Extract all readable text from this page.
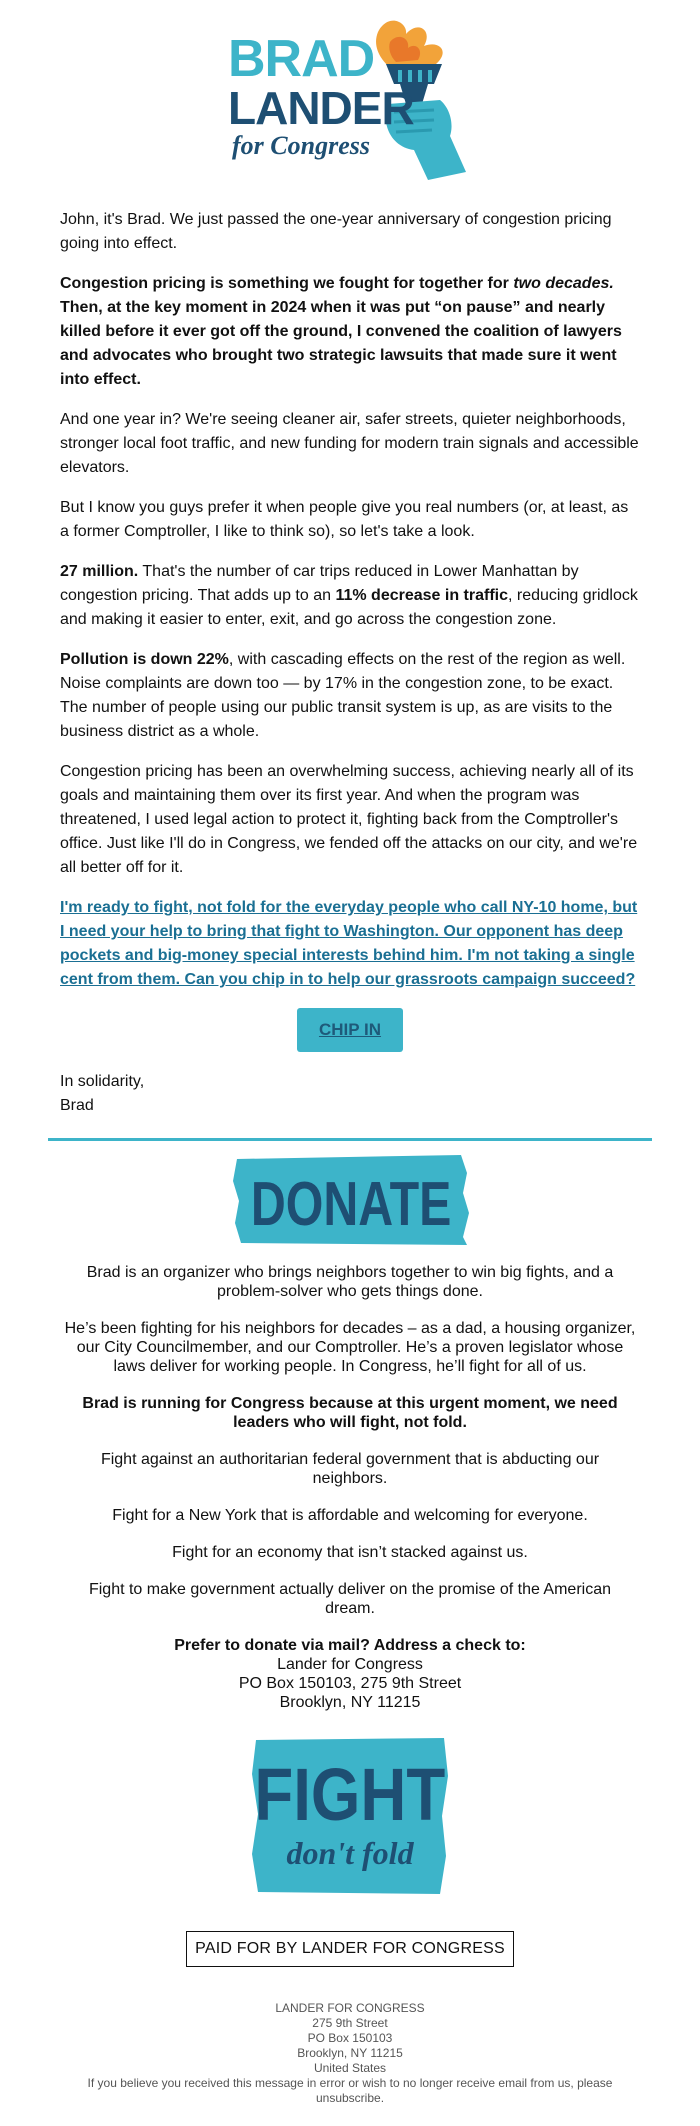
BRAD
LANDER
for Congress

John, it's Brad. We just passed the one-year anniversary of congestion pricing going into effect.

Congestion pricing is something we fought for together for two decades. Then, at the key moment in 2024 when it was put “on pause” and nearly killed before it ever got off the ground, I convened the coalition of lawyers and advocates who brought two strategic lawsuits that made sure it went into effect.

And one year in? We're seeing cleaner air, safer streets, quieter neighborhoods, stronger local foot traffic, and new funding for modern train signals and accessible elevators.

But I know you guys prefer it when people give you real numbers (or, at least, as a former Comptroller, I like to think so), so let's take a look.

27 million. That's the number of car trips reduced in Lower Manhattan by congestion pricing. That adds up to an 11% decrease in traffic, reducing gridlock and making it easier to enter, exit, and go across the congestion zone.

Pollution is down 22%, with cascading effects on the rest of the region as well. Noise complaints are down too — by 17% in the congestion zone, to be exact. The number of people using our public transit system is up, as are visits to the business district as a whole.

Congestion pricing has been an overwhelming success, achieving nearly all of its goals and maintaining them over its first year. And when the program was threatened, I used legal action to protect it, fighting back from the Comptroller's office. Just like I'll do in Congress, we fended off the attacks on our city, and we're all better off for it.

I'm ready to fight, not fold for the everyday people who call NY-10 home, but I need your help to bring that fight to Washington. Our opponent has deep pockets and big-money special interests behind him. I'm not taking a single cent from them. Can you chip in to help our grassroots campaign succeed?

CHIP IN
In solidarity,
Brad
DONATE

Brad is an organizer who brings neighbors together to win big fights, and a problem-solver who gets things done.

He’s been fighting for his neighbors for decades – as a dad, a housing organizer, our City Councilmember, and our Comptroller. He’s a proven legislator whose laws deliver for working people. In Congress, he’ll fight for all of us.

Brad is running for Congress because at this urgent moment, we need leaders who will fight, not fold.

Fight against an authoritarian federal government that is abducting our neighbors.

Fight for a New York that is affordable and welcoming for everyone.

Fight for an economy that isn’t stacked against us.

Fight to make government actually deliver on the promise of the American dream.

Prefer to donate via mail? Address a check to:
Lander for Congress
PO Box 150103, 275 9th Street
Brooklyn, NY 11215
FIGHT
don't fold
PAID FOR BY LANDER FOR CONGRESS
LANDER FOR CONGRESS
275 9th Street
PO Box 150103
Brooklyn, NY 11215
United States
If you believe you received this message in error or wish to no longer receive email from us, please unsubscribe.
